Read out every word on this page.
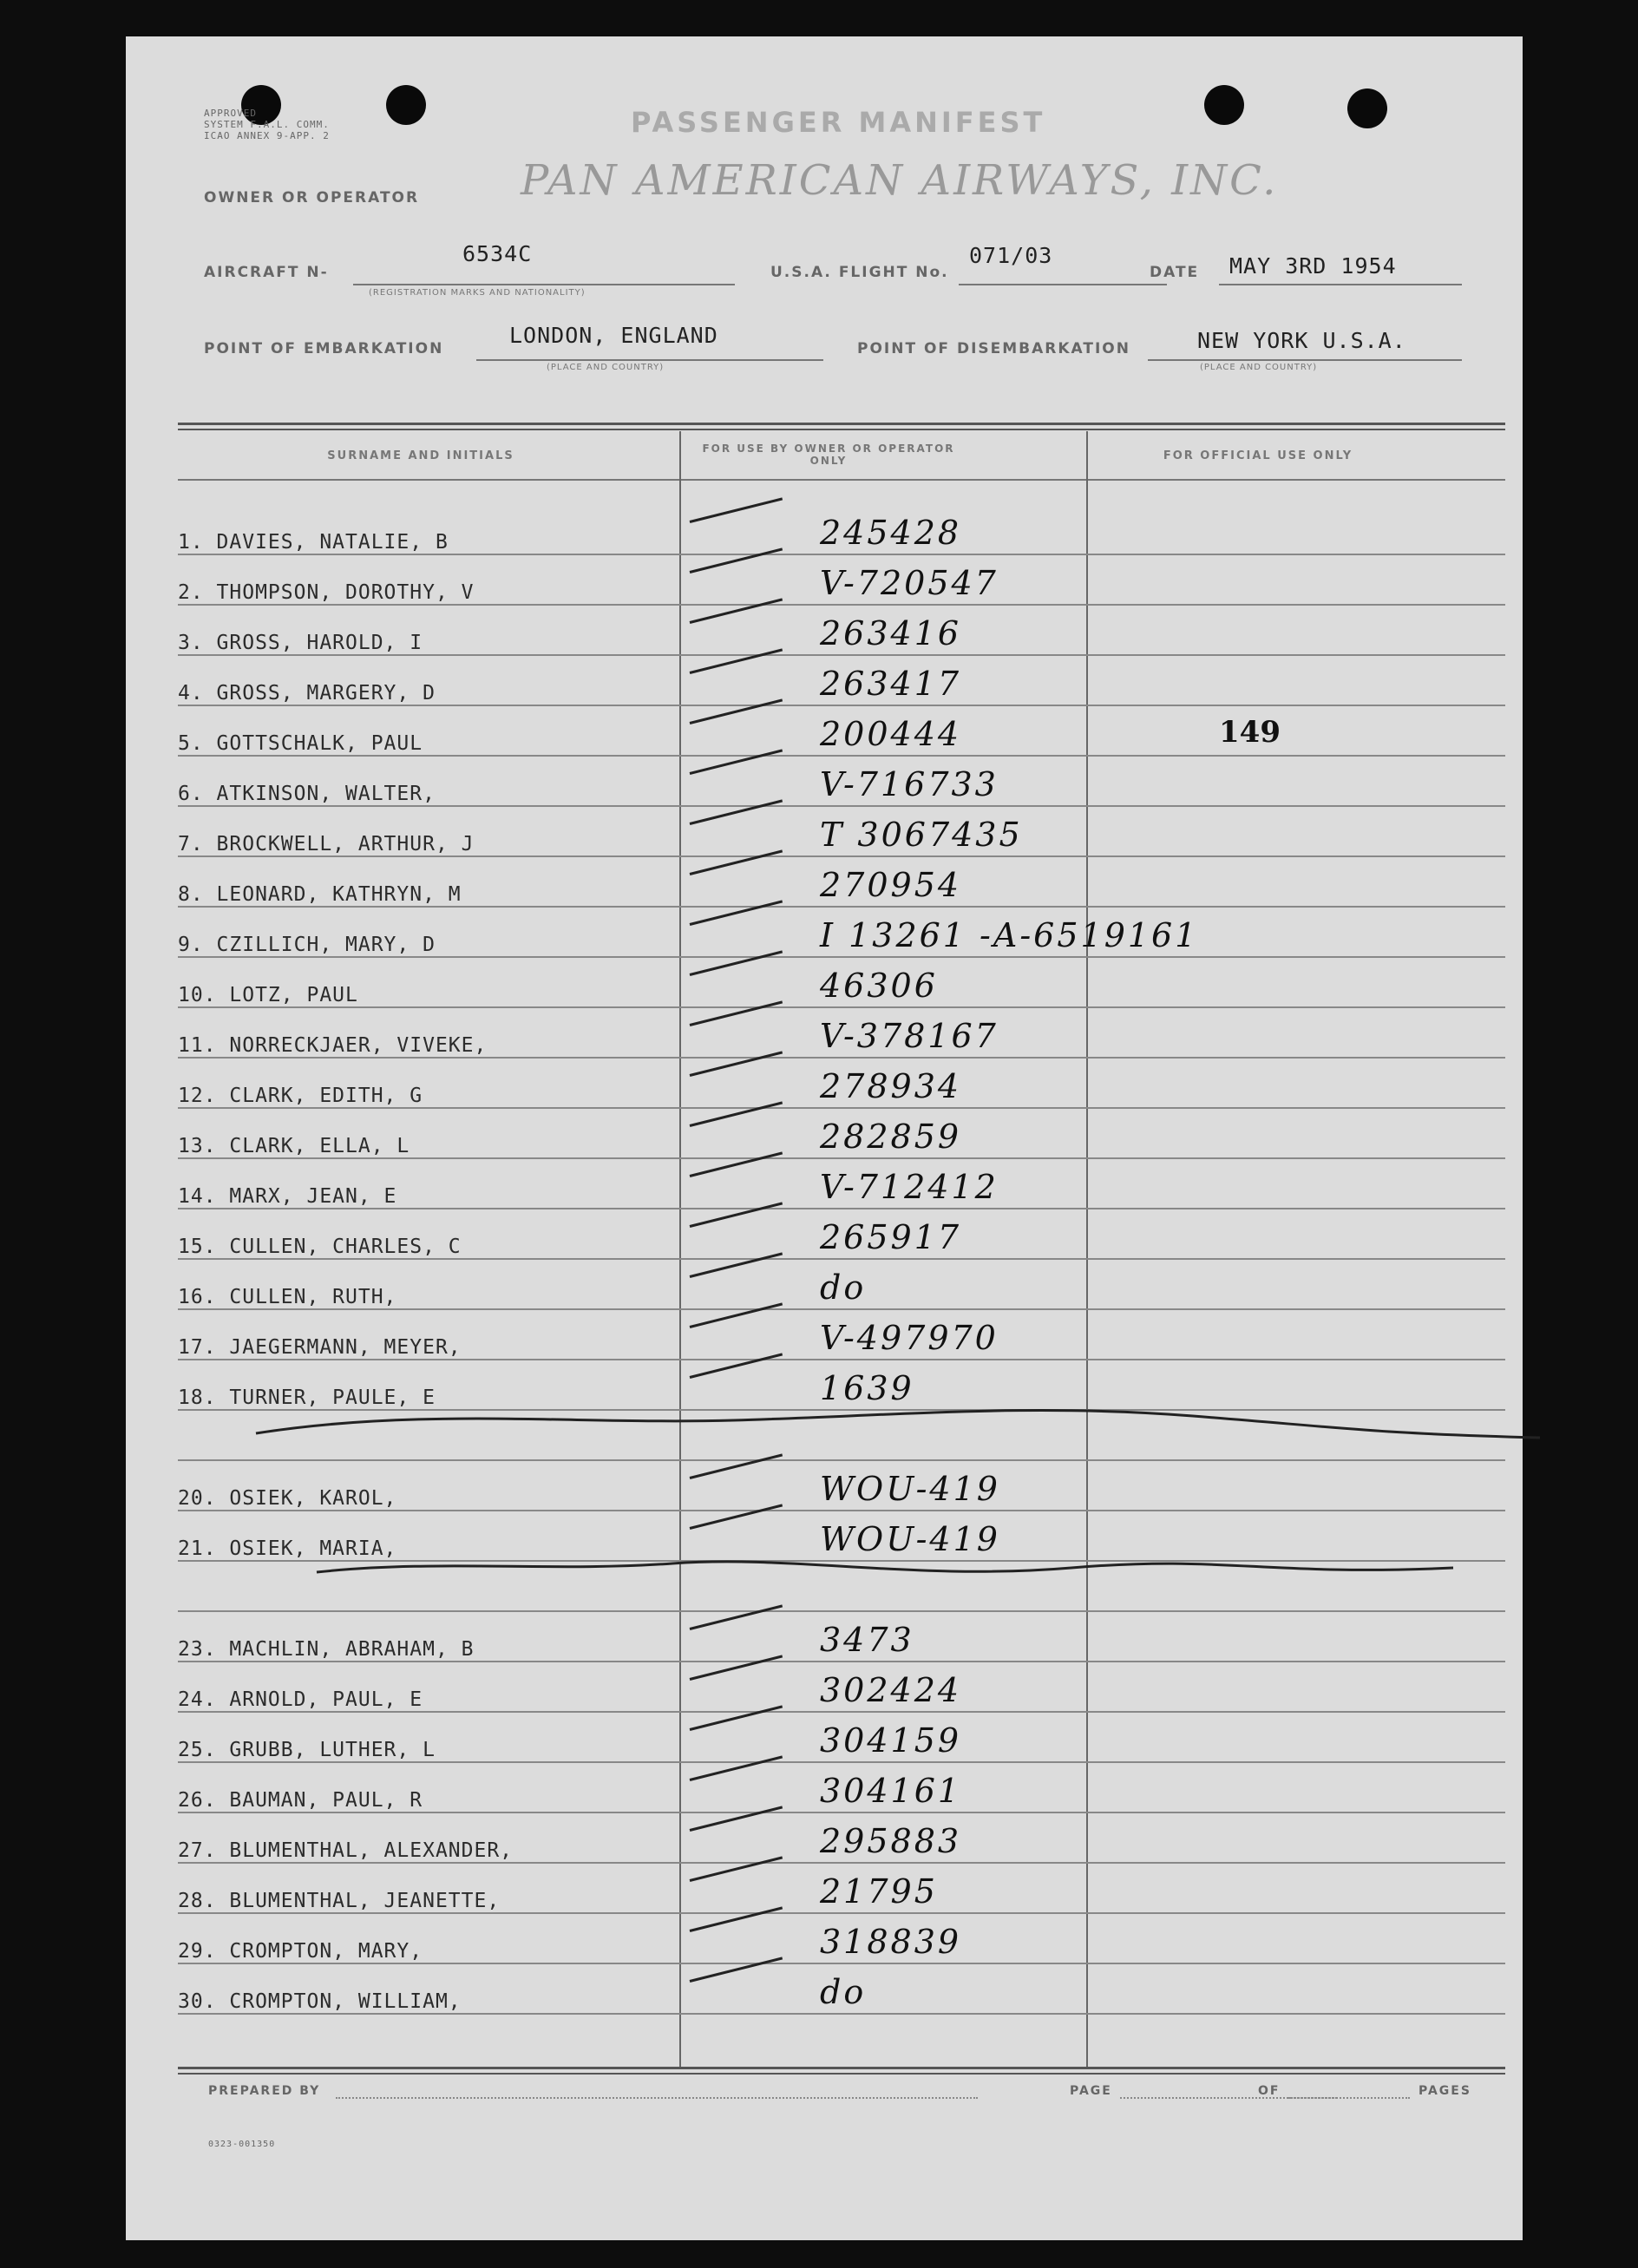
APPROVED
SYSTEM F.A.L. COMM.
ICAO ANNEX 9-APP. 2	PASSENGER MANIFEST
PAN AMERICAN AIRWAYS, INC.
OWNER OR OPERATOR
AIRCRAFT N-
6534C
(REGISTRATION MARKS AND NATIONALITY)
U.S.A. FLIGHT No.
071/03
DATE MAY 3RD 1954
POINT OF EMBARKATION
LONDON, ENGLAND
(PLACE AND COUNTRY)
POINT OF DISEMBARKATION	NEW YORK U.S.A.
(PLACE AND COUNTRY)
SURNAME AND INITIALS
FOR USE BY OWNER OR OPERATOR ONLY	FOR OFFICIAL USE ONLY
1. DAVIES, NATALIE, B	245428
2. THOMPSON, DOROTHY, V	V-720547
3. GROSS, HAROLD, I	263416
4. GROSS, MARGERY, D	263417
5. GOTTSCHALK, PAUL	200444	149
6. ATKINSON, WALTER,	V-716733
7. BROCKWELL, ARTHUR, J	T 3067435
8. LEONARD, KATHRYN, M	270954
9. CZILLICH, MARY, D	I 13261 -A-6519161
10. LOTZ, PAUL	46306
11. NORRECKJAER, VIVEKE,	V-378167
12. CLARK, EDITH, G	278934
13. CLARK, ELLA, L	282859
14. MARX, JEAN, E	V-712412
15. CULLEN, CHARLES, C	265917
16. CULLEN, RUTH,	do
17. JAEGERMANN, MEYER,	V-497970
18. TURNER, PAULE, E	1639
20. OSIEK, KAROL,	WOU-419
21. OSIEK, MARIA,	WOU-419
23. MACHLIN, ABRAHAM, B	3473
24. ARNOLD, PAUL, E	302424
25. GRUBB, LUTHER, L	304159
26. BAUMAN, PAUL, R	304161
27. BLUMENTHAL, ALEXANDER,	295883
28. BLUMENTHAL, JEANETTE,	21795
29. CROMPTON, MARY,	318839
30. CROMPTON, WILLIAM,	do
PREPARED BY	PAGE	OF	PAGES
0323-001350
